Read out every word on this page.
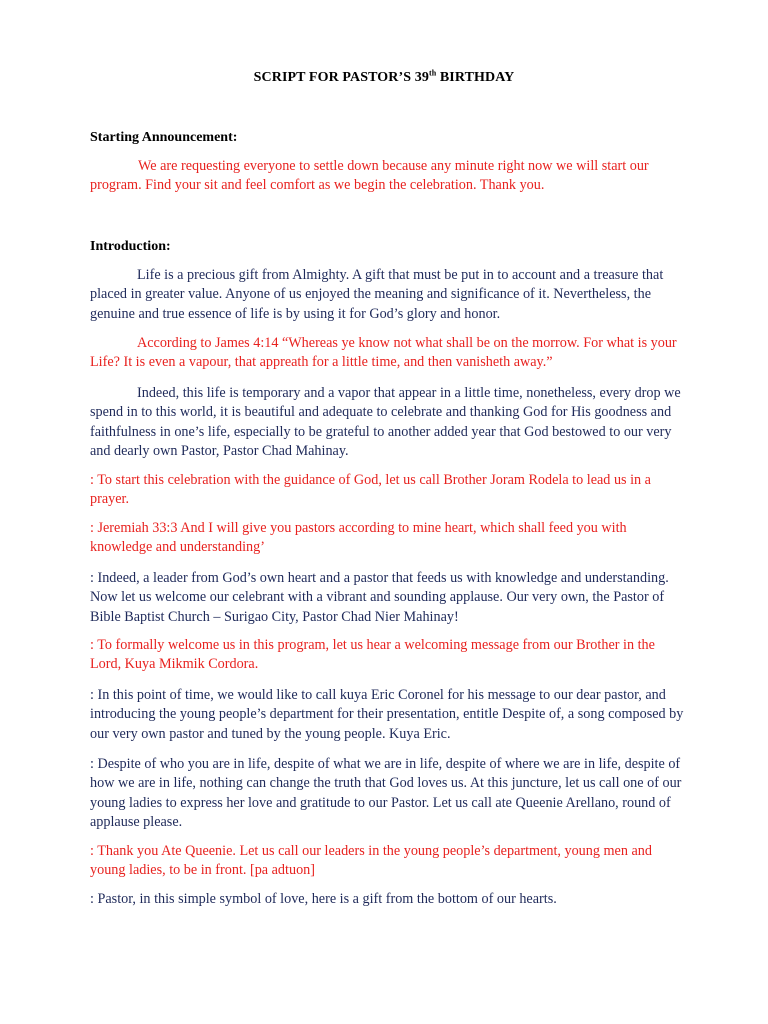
SCRIPT FOR PASTOR’S 39th BIRTHDAY
Starting Announcement:

We are requesting everyone to settle down because any minute right now we will start our program. Find your sit and feel comfort as we begin the celebration. Thank you.

Introduction:

Life is a precious gift from Almighty. A gift that must be put in to account and a treasure that placed in greater value. Anyone of us enjoyed the meaning and significance of it. Nevertheless, the genuine and true essence of life is by using it for God’s glory and honor.

According to James 4:14 “Whereas ye know not what shall be on the morrow. For what is your Life? It is even a vapour, that appreath for a little time, and then vanisheth away.”

Indeed, this life is temporary and a vapor that appear in a little time, nonetheless, every drop we spend in to this world, it is beautiful and adequate to celebrate and thanking God for His goodness and faithfulness in one’s life, especially to be grateful to another added year that God bestowed to our very and dearly own Pastor, Pastor Chad Mahinay.

: To start this celebration with the guidance of God, let us call Brother Joram Rodela to lead us in a prayer.

: Jeremiah 33:3 And I will give you pastors according to mine heart, which shall feed you with knowledge and understanding’

: Indeed, a leader from God’s own heart and a pastor that feeds us with knowledge and understanding. Now let us welcome our celebrant with a vibrant and sounding applause. Our very own, the Pastor of Bible Baptist Church – Surigao City, Pastor Chad Nier Mahinay!

: To formally welcome us in this program, let us hear a welcoming message from our Brother in the Lord, Kuya Mikmik Cordora.

: In this point of time, we would like to call kuya Eric Coronel for his message to our dear pastor, and introducing the young people’s department for their presentation, entitle Despite of, a song composed by our very own pastor and tuned by the young people. Kuya Eric.

: Despite of who you are in life, despite of what we are in life, despite of where we are in life, despite of how we are in life, nothing can change the truth that God loves us. At this juncture, let us call one of our young ladies to express her love and gratitude to our Pastor. Let us call ate Queenie Arellano, round of applause please.

: Thank you Ate Queenie. Let us call our leaders in the young people’s department, young men and young ladies, to be in front. [pa adtuon]

: Pastor, in this simple symbol of love, here is a gift from the bottom of our hearts.
